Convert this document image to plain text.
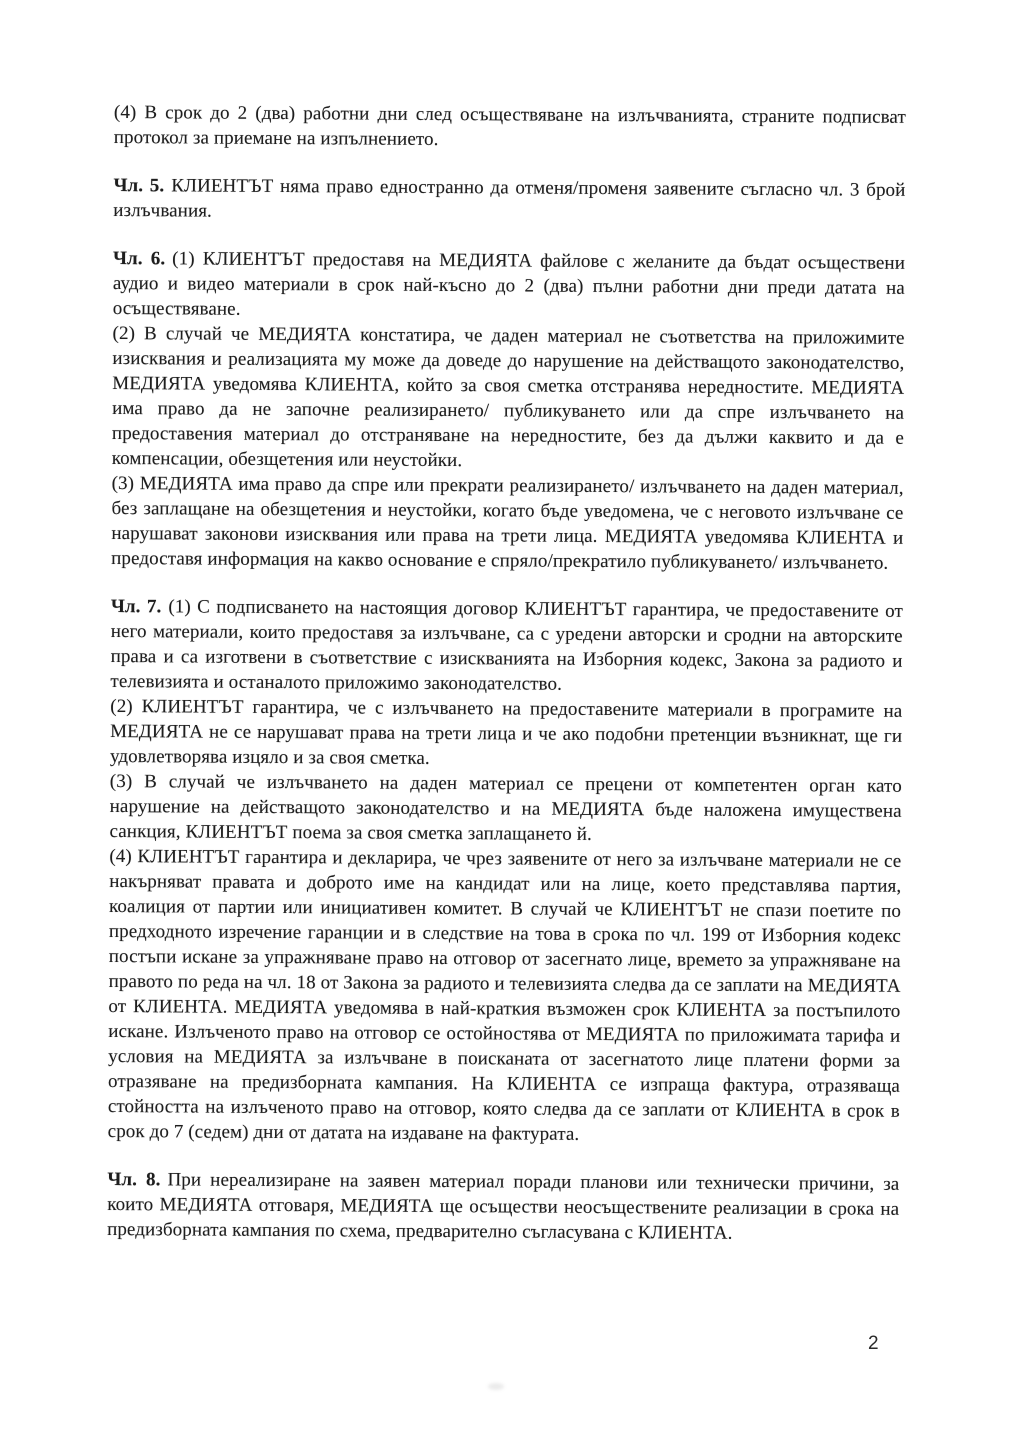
(4) В срок до 2 (два) работни дни след осъществяване на излъчванията, страните подписват протокол за приемане на изпълнението.

Чл. 5. КЛИЕНТЪТ няма право едностранно да отменя/променя заявените съгласно чл. 3 брой излъчвания.

Чл. 6. (1) КЛИЕНТЪТ предоставя на МЕДИЯТА файлове с желаните да бъдат осъществени аудио и видео материали в срок най-късно до 2 (два) пълни работни дни преди датата на осъществяване.

(2) В случай че МЕДИЯТА констатира, че даден материал не съответства на приложимите изисквания и реализацията му може да доведе до нарушение на действащото законодателство, МЕДИЯТА уведомява КЛИЕНТА, който за своя сметка отстранява нередностите. МЕДИЯТА има право да не започне реализирането/ публикуването или да спре излъчването на предоставения материал до отстраняване на нередностите, без да дължи каквито и да е компенсации, обезщетения или неустойки.

(3) МЕДИЯТА има право да спре или прекрати реализирането/ излъчването на даден материал, без заплащане на обезщетения и неустойки, когато бъде уведомена, че с неговото излъчване се нарушават законови изисквания или права на трети лица. МЕДИЯТА уведомява КЛИЕНТА и предоставя информация на какво основание е спряло/прекратило публикуването/ излъчването.

Чл. 7. (1) С подписването на настоящия договор КЛИЕНТЪТ гарантира, че предоставените от него материали, които предоставя за излъчване, са с уредени авторски и сродни на авторските права и са изготвени в съответствие с изискванията на Изборния кодекс, Закона за радиото и телевизията и останалото приложимо законодателство.

(2) КЛИЕНТЪТ гарантира, че с излъчването на предоставените материали в програмите на МЕДИЯТА не се нарушават права на трети лица и че ако подобни претенции възникнат, ще ги удовлетворява изцяло и за своя сметка.

(3) В случай че излъчването на даден материал се прецени от компетентен орган като нарушение на действащото законодателство и на МЕДИЯТА бъде наложена имуществена санкция, КЛИЕНТЪТ поема за своя сметка заплащането й.

(4) КЛИЕНТЪТ гарантира и декларира, че чрез заявените от него за излъчване материали не се накърняват правата и доброто име на кандидат или на лице, което представлява партия, коалиция от партии или инициативен комитет. В случай че КЛИЕНТЪТ не спази поетите по предходното изречение гаранции и в следствие на това в срока по чл. 199 от Изборния кодекс постъпи искане за упражняване право на отговор от засегнато лице, времето за упражняване на правото по реда на чл. 18 от Закона за радиото и телевизията следва да се заплати на МЕДИЯТА от КЛИЕНТА. МЕДИЯТА уведомява в най-краткия възможен срок КЛИЕНТА за постъпилото искане. Излъченото право на отговор се остойностява от МЕДИЯТА по приложимата тарифа и условия на МЕДИЯТА за излъчване в поисканата от засегнатото лице платени форми за отразяване на предизборната кампания. На КЛИЕНТА се изпраща фактура, отразяваща стойността на излъченото право на отговор, която следва да се заплати от КЛИЕНТА в срок в срок до 7 (седем) дни от датата на издаване на фактурата.

Чл. 8. При нереализиране на заявен материал поради планови или технически причини, за които МЕДИЯТА отговаря, МЕДИЯТА ще осъществи неосъществените реализации в срока на предизборната кампания по схема, предварително съгласувана с КЛИЕНТА.

2
